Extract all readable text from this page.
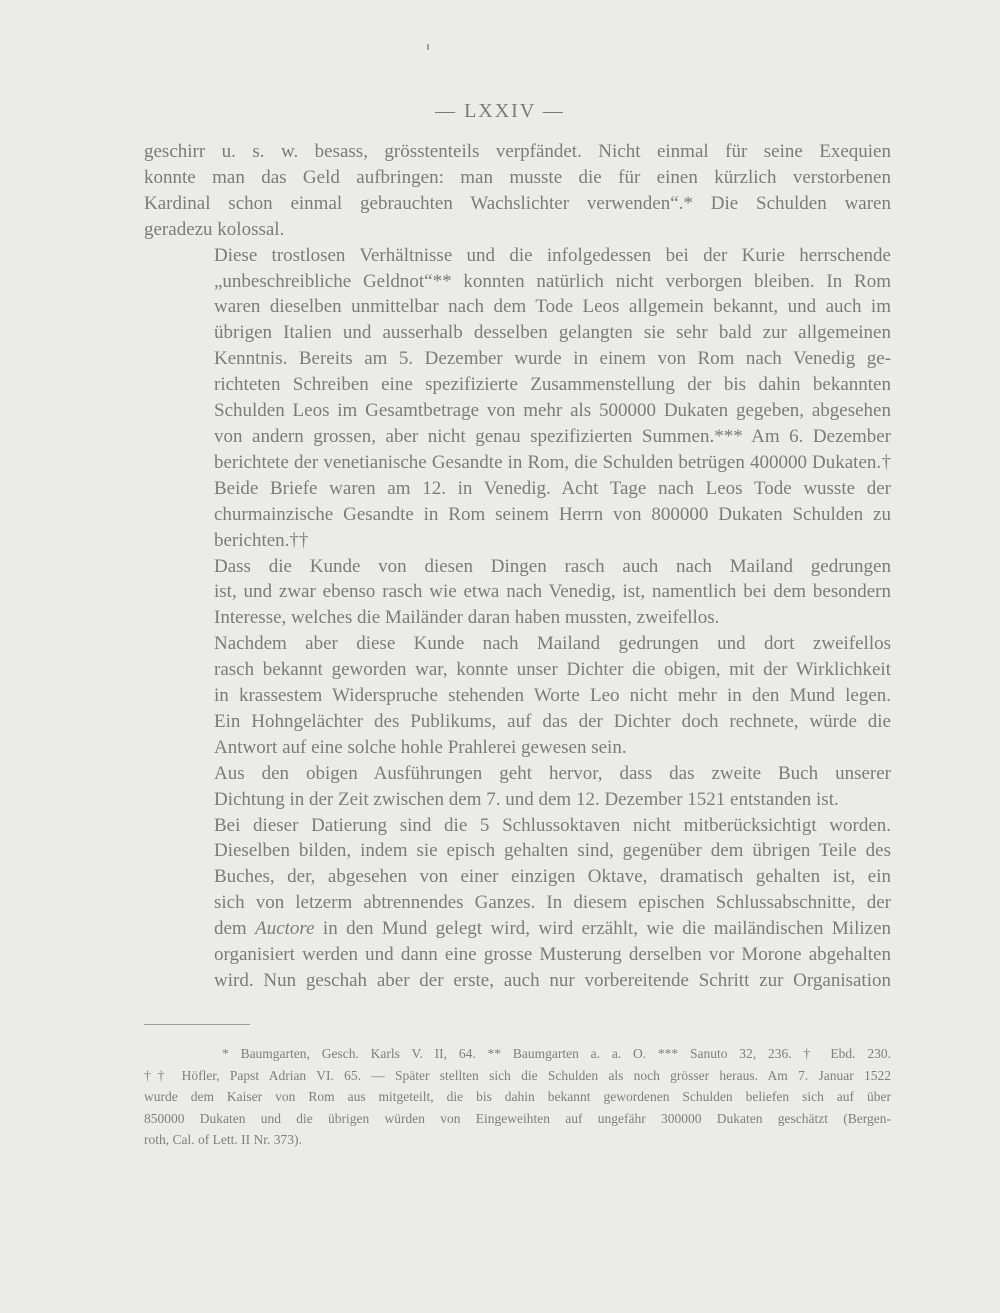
— LXXIV —

geschirr u. s. w. besass, grösstenteils verpfändet. Nicht einmal für seine Exequien
konnte man das Geld aufbringen: man musste die für einen kürzlich verstorbenen
Kardinal schon einmal gebrauchten Wachslichter verwenden“.* Die Schulden waren
geradezu kolossal.

Diese trostlosen Verhältnisse und die infolgedessen bei der Kurie herrschende
„unbeschreibliche Geldnot“** konnten natürlich nicht verborgen bleiben. In Rom
waren dieselben unmittelbar nach dem Tode Leos allgemein bekannt, und auch im
übrigen Italien und ausserhalb desselben gelangten sie sehr bald zur allgemeinen
Kenntnis. Bereits am 5. Dezember wurde in einem von Rom nach Venedig ge-
richteten Schreiben eine spezifizierte Zusammenstellung der bis dahin bekannten
Schulden Leos im Gesamtbetrage von mehr als 500000 Dukaten gegeben, abgesehen
von andern grossen, aber nicht genau spezifizierten Summen.*** Am 6. Dezember
berichtete der venetianische Gesandte in Rom, die Schulden betrügen 400000 Dukaten.†
Beide Briefe waren am 12. in Venedig. Acht Tage nach Leos Tode wusste der
churmainzische Gesandte in Rom seinem Herrn von 800000 Dukaten Schulden zu
berichten.††

Dass die Kunde von diesen Dingen rasch auch nach Mailand gedrungen
ist, und zwar ebenso rasch wie etwa nach Venedig, ist, namentlich bei dem besondern
Interesse, welches die Mailänder daran haben mussten, zweifellos.

Nachdem aber diese Kunde nach Mailand gedrungen und dort zweifellos
rasch bekannt geworden war, konnte unser Dichter die obigen, mit der Wirklichkeit
in krassestem Widerspruche stehenden Worte Leo nicht mehr in den Mund legen.
Ein Hohngelächter des Publikums, auf das der Dichter doch rechnete, würde die
Antwort auf eine solche hohle Prahlerei gewesen sein.

Aus den obigen Ausführungen geht hervor, dass das zweite Buch unserer
Dichtung in der Zeit zwischen dem 7. und dem 12. Dezember 1521 entstanden ist.

Bei dieser Datierung sind die 5 Schlussoktaven nicht mitberücksichtigt worden.
Dieselben bilden, indem sie episch gehalten sind, gegenüber dem übrigen Teile des
Buches, der, abgesehen von einer einzigen Oktave, dramatisch gehalten ist, ein
sich von letzerm abtrennendes Ganzes. In diesem epischen Schlussabschnitte, der
dem Auctore in den Mund gelegt wird, wird erzählt, wie die mailändischen Milizen
organisiert werden und dann eine grosse Musterung derselben vor Morone abgehalten
wird. Nun geschah aber der erste, auch nur vorbereitende Schritt zur Organisation

* Baumgarten, Gesch. Karls V. II, 64. ** Baumgarten a. a. O. *** Sanuto 32, 236. † Ebd. 230.
†† Höfler, Papst Adrian VI. 65. — Später stellten sich die Schulden als noch grösser heraus. Am 7. Januar 1522
wurde dem Kaiser von Rom aus mitgeteilt, die bis dahin bekannt gewordenen Schulden beliefen sich auf über
850000 Dukaten und die übrigen würden von Eingeweihten auf ungefähr 300000 Dukaten geschätzt (Bergen-
roth, Cal. of Lett. II Nr. 373).
